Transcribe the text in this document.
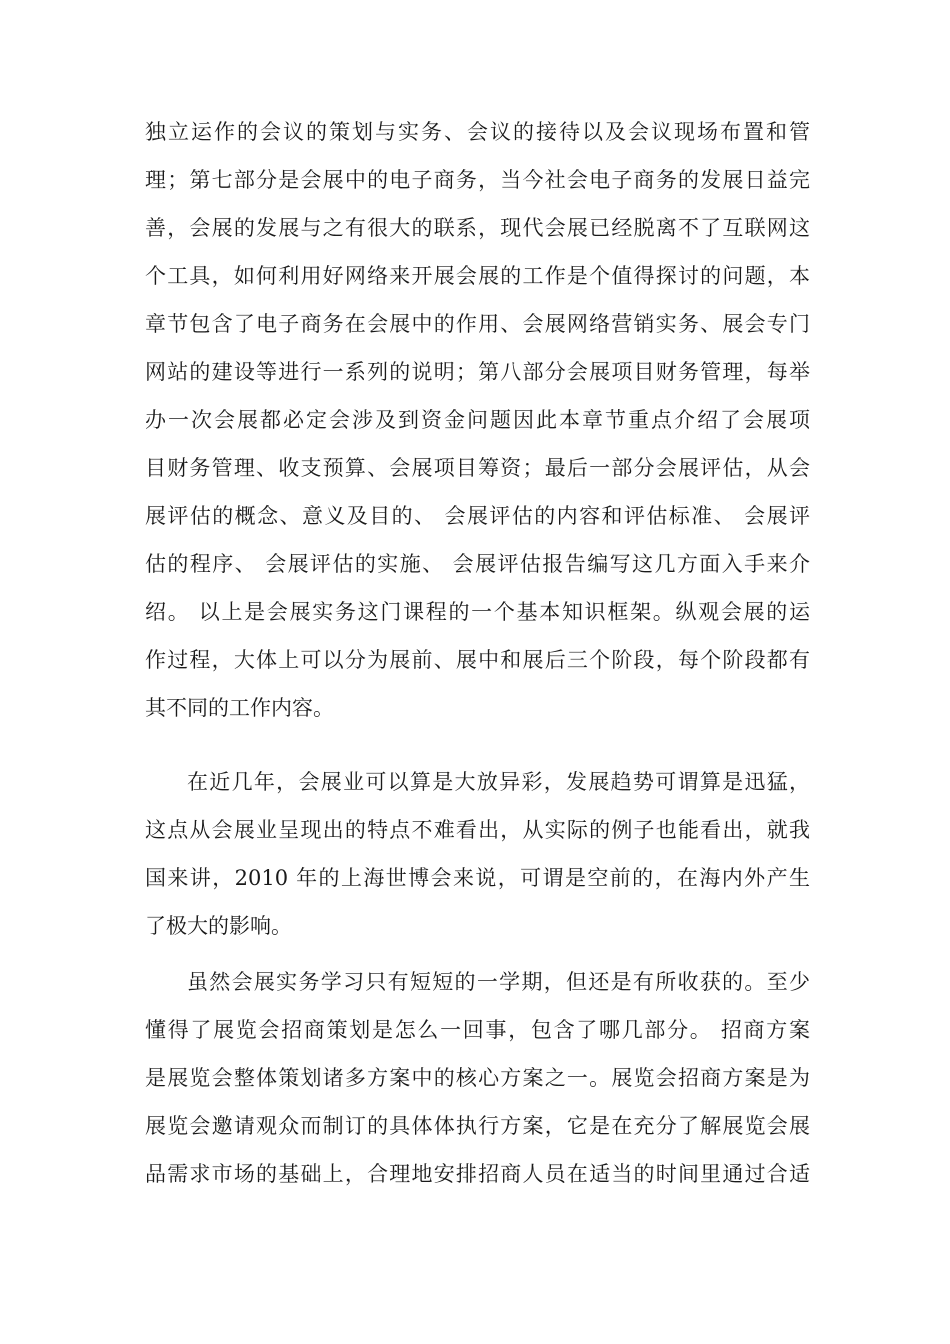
独立运作的会议的策划与实务、会议的接待以及会议现场布置和管
理；第七部分是会展中的电子商务，当今社会电子商务的发展日益完
善，会展的发展与之有很大的联系，现代会展已经脱离不了互联网这
个工具，如何利用好网络来开展会展的工作是个值得探讨的问题，本
章节包含了电子商务在会展中的作用、会展网络营销实务、展会专门
网站的建设等进行一系列的说明；第八部分会展项目财务管理，每举
办一次会展都必定会涉及到资金问题因此本章节重点介绍了会展项
目财务管理、收支预算、会展项目筹资；最后一部分会展评估，从会
展评估的概念、意义及目的、 会展评估的内容和评估标准、 会展评
估的程序、 会展评估的实施、 会展评估报告编写这几方面入手来介
绍。 以上是会展实务这门课程的一个基本知识框架。纵观会展的运
作过程，大体上可以分为展前、展中和展后三个阶段，每个阶段都有
其不同的工作内容。
在近几年，会展业可以算是大放异彩，发展趋势可谓算是迅猛，
这点从会展业呈现出的特点不难看出，从实际的例子也能看出，就我
国来讲，2010 年的上海世博会来说，可谓是空前的，在海内外产生
了极大的影响。
虽然会展实务学习只有短短的一学期，但还是有所收获的。至少
懂得了展览会招商策划是怎么一回事，包含了哪几部分。 招商方案
是展览会整体策划诸多方案中的核心方案之一。展览会招商方案是为
展览会邀请观众而制订的具体体执行方案，它是在充分了解展览会展
品需求市场的基础上，合理地安排招商人员在适当的时间里通过合适
